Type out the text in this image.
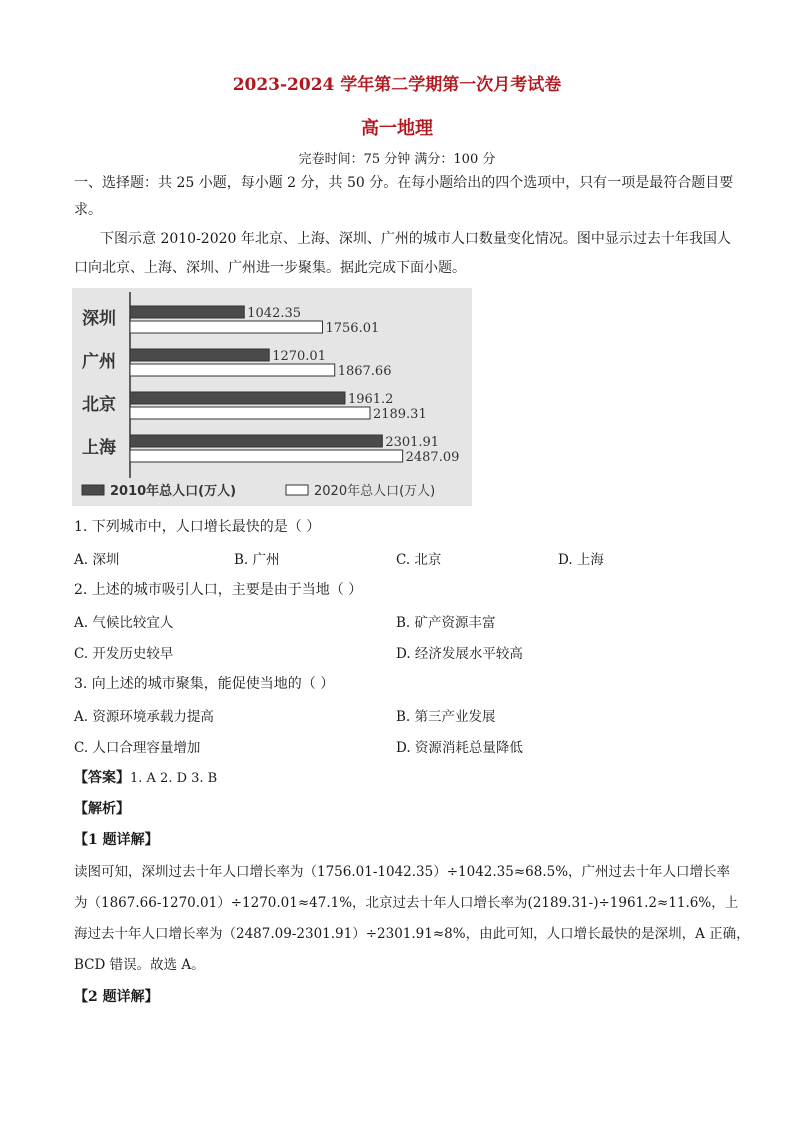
2023-2024 学年第二学期第一次月考试卷
高一地理
完卷时间：75 分钟 满分：100 分
一、选择题：共 25 小题，每小题 2 分，共 50 分。在每小题给出的四个选项中，只有一项是最符合题目要
求。
下图示意 2010-2020 年北京、上海、深圳、广州的城市人口数量变化情况。图中显示过去十年我国人
口向北京、上海、深圳、广州进一步聚集。据此完成下面小题。
深圳	1042.35
1756.01
广州	1270.01
1867.66
北京	1961.2
2189.31
上海	2301.91
2487.09
2010年总人口(万人)	2020年总人口(万人)
1. 下列城市中，人口增长最快的是（ ）
A. 深圳	B. 广州	C. 北京	D. 上海
2. 上述的城市吸引人口，主要是由于当地（ ）
A. 气候比较宜人	B. 矿产资源丰富
C. 开发历史较早	D. 经济发展水平较高
3. 向上述的城市聚集，能促使当地的（ ）
A. 资源环境承载力提高	B. 第三产业发展
C. 人口合理容量增加	D. 资源消耗总量降低
【答案】1. A 2. D 3. B
【解析】
【1 题详解】
读图可知，深圳过去十年人口增长率为（1756.01-1042.35）÷1042.35≈68.5%，广州过去十年人口增长率
为（1867.66-1270.01）÷1270.01≈47.1%，北京过去十年人口增长率为(2189.31-)÷1961.2≈11.6%，上
海过去十年人口增长率为（2487.09-2301.91）÷2301.91≈8%，由此可知，人口增长最快的是深圳，A 正确，
BCD 错误。故选 A。
【2 题详解】
